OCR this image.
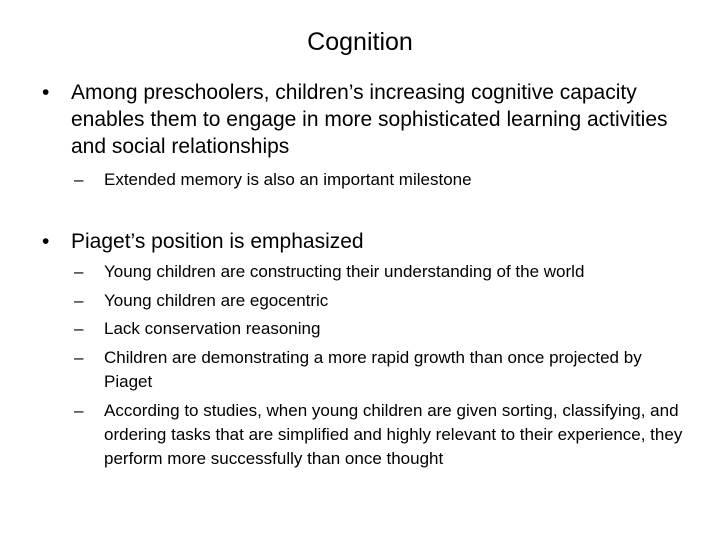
Cognition
•	Among preschoolers, children’s increasing cognitive capacity enables them to engage in more sophisticated learning activities and social relationships
–	Extended memory is also an important milestone
•	Piaget’s position is emphasized
–	Young children are constructing their understanding of the world
–	Young children are egocentric
–	Lack conservation reasoning
–	Children are demonstrating a more rapid growth than once projected by Piaget
–	According to studies, when young children are given sorting, classifying, and ordering tasks that are simplified and highly relevant to their experience, they perform more successfully than once thought
